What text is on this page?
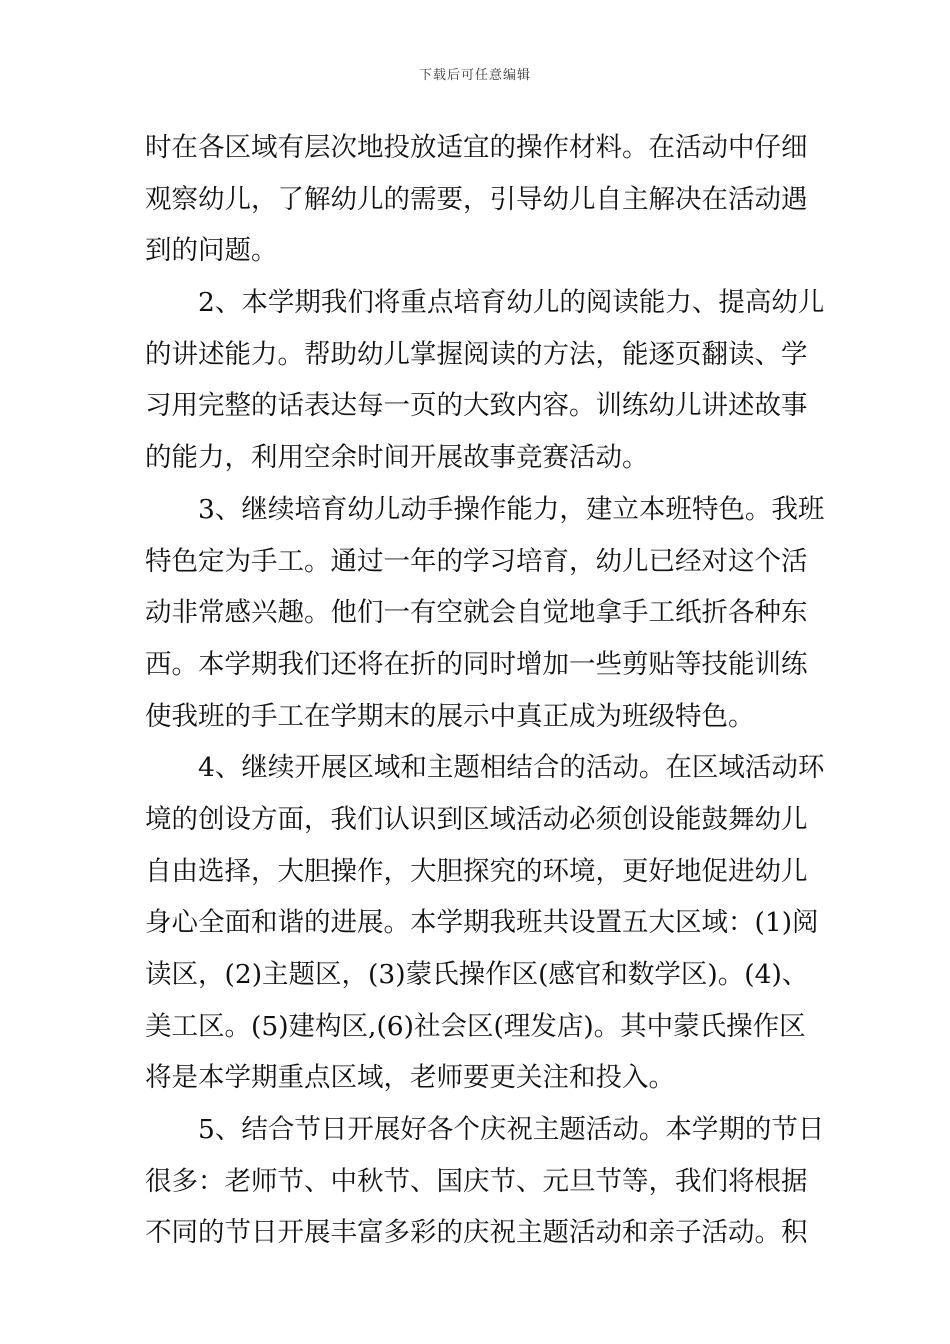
下载后可任意编辑
时在各区域有层次地投放适宜的操作材料。在活动中仔细
观察幼儿，了解幼儿的需要，引导幼儿自主解决在活动遇
到的问题。
2、本学期我们将重点培育幼儿的阅读能力、提高幼儿
的讲述能力。帮助幼儿掌握阅读的方法，能逐页翻读、学
习用完整的话表达每一页的大致内容。训练幼儿讲述故事
的能力，利用空余时间开展故事竞赛活动。
3、继续培育幼儿动手操作能力，建立本班特色。我班
特色定为手工。通过一年的学习培育，幼儿已经对这个活
动非常感兴趣。他们一有空就会自觉地拿手工纸折各种东
西。本学期我们还将在折的同时增加一些剪贴等技能训练
使我班的手工在学期末的展示中真正成为班级特色。
4、继续开展区域和主题相结合的活动。在区域活动环
境的创设方面，我们认识到区域活动必须创设能鼓舞幼儿
自由选择，大胆操作，大胆探究的环境，更好地促进幼儿
身心全面和谐的进展。本学期我班共设置五大区域：(1)阅
读区，(2)主题区，(3)蒙氏操作区(感官和数学区)。(4)、
美工区。(5)建构区,(6)社会区(理发店)。其中蒙氏操作区
将是本学期重点区域，老师要更关注和投入。
5、结合节日开展好各个庆祝主题活动。本学期的节日
很多：老师节、中秋节、国庆节、元旦节等，我们将根据
不同的节日开展丰富多彩的庆祝主题活动和亲子活动。积
